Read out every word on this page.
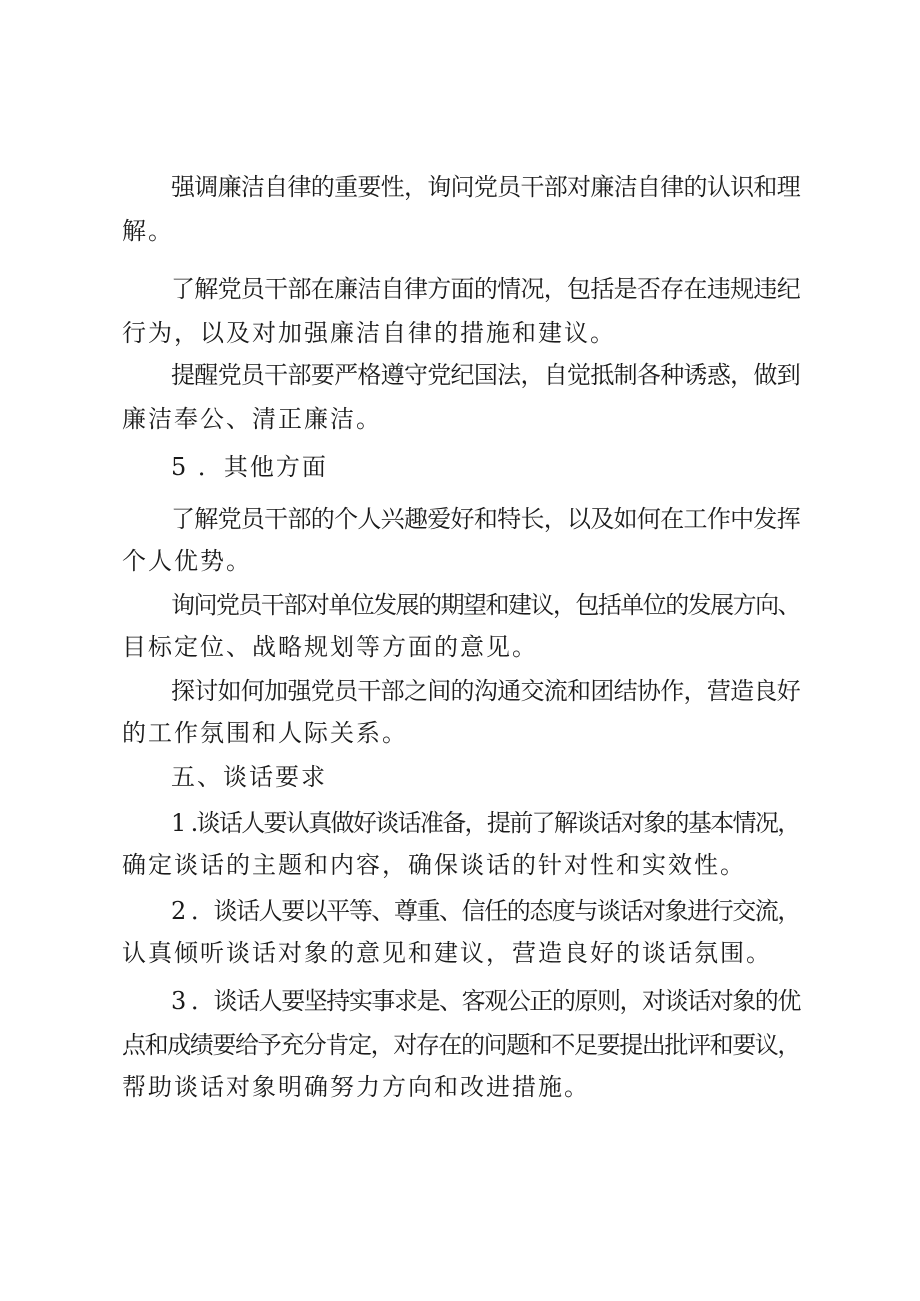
强调廉洁自律的重要性，询问党员干部对廉洁自律的认识和理

解。

了解党员干部在廉洁自律方面的情况，包括是否存在违规违纪

行为，以及对加强廉洁自律的措施和建议。

提醒党员干部要严格遵守党纪国法，自觉抵制各种诱惑，做到

廉洁奉公、清正廉洁。

5 ．其他方面

了解党员干部的个人兴趣爱好和特长，以及如何在工作中发挥

个人优势。

询问党员干部对单位发展的期望和建议，包括单位的发展方向、

目标定位、战略规划等方面的意见。

探讨如何加强党员干部之间的沟通交流和团结协作，营造良好

的工作氛围和人际关系。

五、谈话要求

1 .谈话人要认真做好谈话准备，提前了解谈话对象的基本情况，

确定谈话的主题和内容，确保谈话的针对性和实效性。

2 ．谈话人要以平等、尊重、信任的态度与谈话对象进行交流，

认真倾听谈话对象的意见和建议，营造良好的谈话氛围。

3 ．谈话人要坚持实事求是、客观公正的原则，对谈话对象的优

点和成绩要给予充分肯定，对存在的问题和不足要提出批评和要议，

帮助谈话对象明确努力方向和改进措施。
